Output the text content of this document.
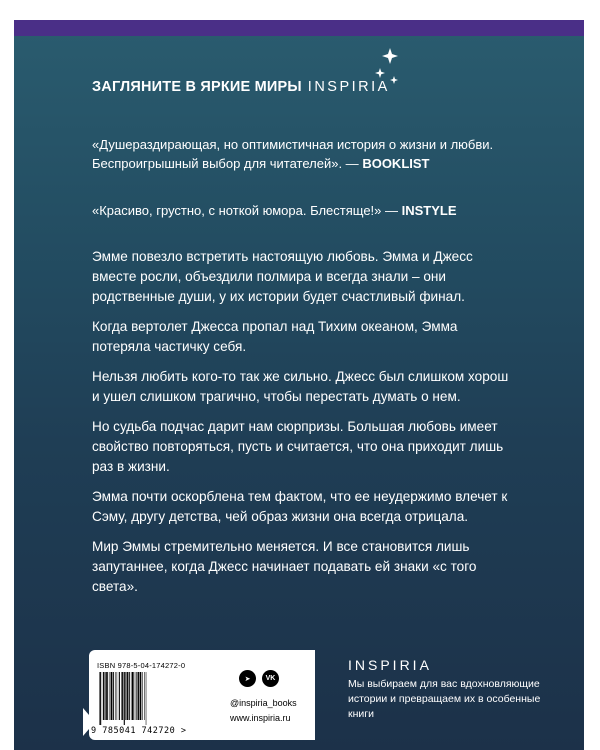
ЗАГЛЯНИТЕ В ЯРКИЕ МИРЫ INSPIRIA
«Душераздирающая, но оптимистичная история о жизни и любви. Беспроигрышный выбор для читателей». — BOOKLIST
«Красиво, грустно, с ноткой юмора. Блестяще!» — INSTYLE

Эмме повезло встретить настоящую любовь. Эмма и Джесс вместе росли, объездили полмира и всегда знали – они родственные души, у их истории будет счастливый финал.

Когда вертолет Джесса пропал над Тихим океаном, Эмма потеряла частичку себя.

Нельзя любить кого-то так же сильно. Джесс был слишком хорош и ушел слишком трагично, чтобы перестать думать о нем.

Но судьба подчас дарит нам сюрпризы. Большая любовь имеет свойство повторяться, пусть и считается, что она приходит лишь раз в жизни.

Эмма почти оскорблена тем фактом, что ее неудержимо влечет к Сэму, другу детства, чей образ жизни она всегда отрицала.

Мир Эммы стремительно меняется. И все становится лишь запутаннее, когда Джесс начинает подавать ей знаки «с того света».

ISBN 978-5-04-174272-0
9 785041 742720 >
➤	VK
@inspiria_books
www.inspiria.ru
INSPIRIA
Мы выбираем для вас вдохновляющие истории и превращаем их в особенные книги
